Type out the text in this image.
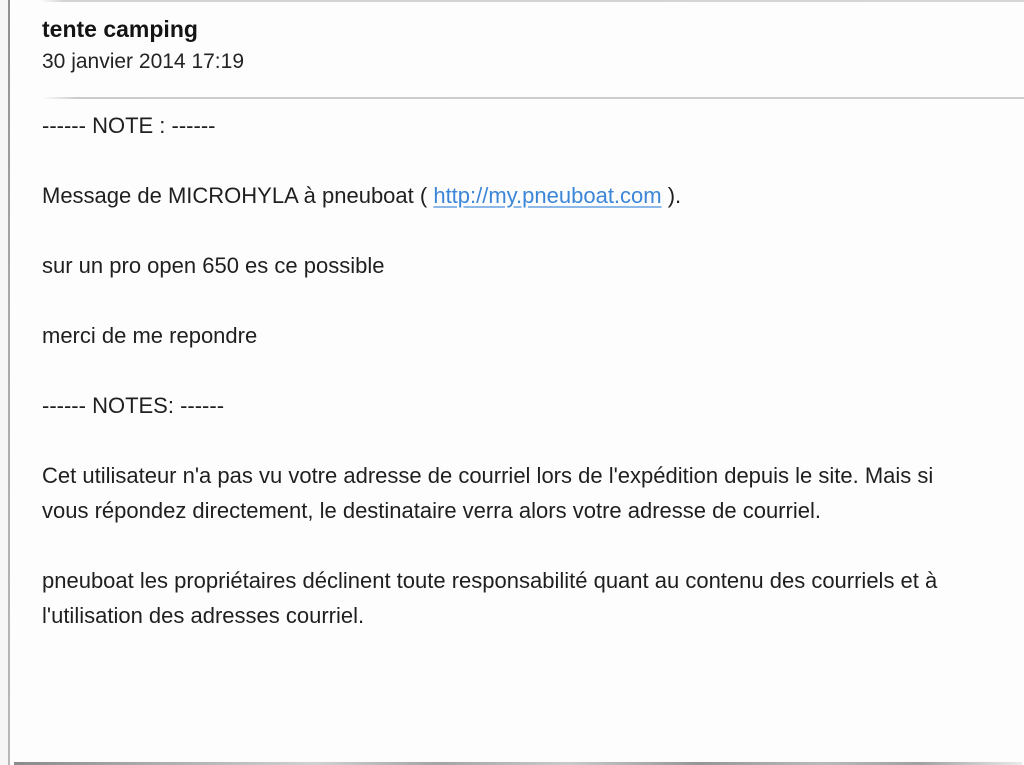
tente camping
30 janvier 2014 17:19

------ NOTE : ------

Message de MICROHYLA à pneuboat ( http://my.pneuboat.com ).

sur un pro open 650 es ce possible

merci de me repondre

------ NOTES: ------

Cet utilisateur n'a pas vu votre adresse de courriel lors de l'expédition depuis le site. Mais si vous répondez directement, le destinataire verra alors votre adresse de courriel.

pneuboat les propriétaires déclinent toute responsabilité quant au contenu des courriels et à l'utilisation des adresses courriel.
